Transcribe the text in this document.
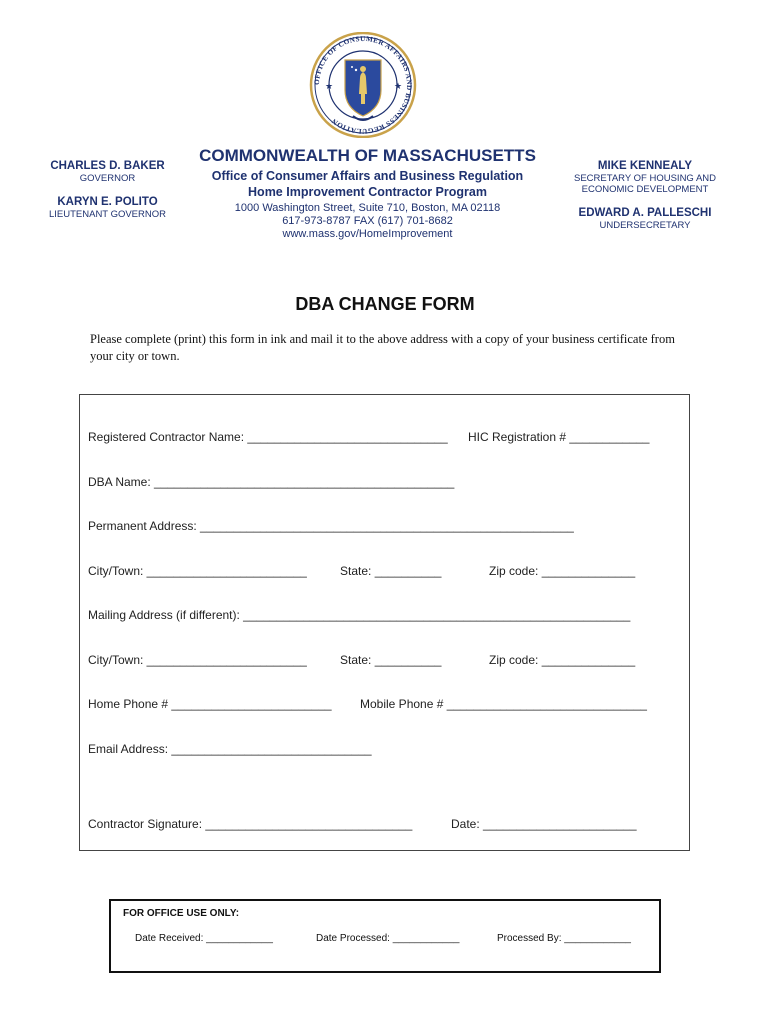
OFFICE OF CONSUMER AFFAIRS AND BUSINESS REGULATION
★	★
CHARLES D. BAKER
GOVERNOR
KARYN E. POLITO
LIEUTENANT GOVERNOR
COMMONWEALTH OF MASSACHUSETTS
Office of Consumer Affairs and Business Regulation
Home Improvement Contractor Program
1000 Washington Street, Suite 710, Boston, MA 02118
617-973-8787 FAX (617) 701-8682
www.mass.gov/HomeImprovement
MIKE KENNEALY
SECRETARY OF HOUSING AND ECONOMIC DEVELOPMENT
EDWARD A. PALLESCHI
UNDERSECRETARY
DBA CHANGE FORM
Please complete (print) this form in ink and mail it to the above address with a copy of your business certificate from your city or town.
Registered Contractor Name: ______________________________ HIC Registration # ____________
DBA Name: _____________________________________________
Permanent Address: ________________________________________________________
City/Town: ________________________	State: __________	Zip code: ______________
Mailing Address (if different): __________________________________________________________
City/Town: ________________________	State: __________	Zip code: ______________
Home Phone # ________________________ Mobile Phone # ______________________________
Email Address: ______________________________
Contractor Signature: _______________________________	Date: _______________________
FOR OFFICE USE ONLY:
Date Received: ____________	Date Processed: ____________	Processed By: ____________
